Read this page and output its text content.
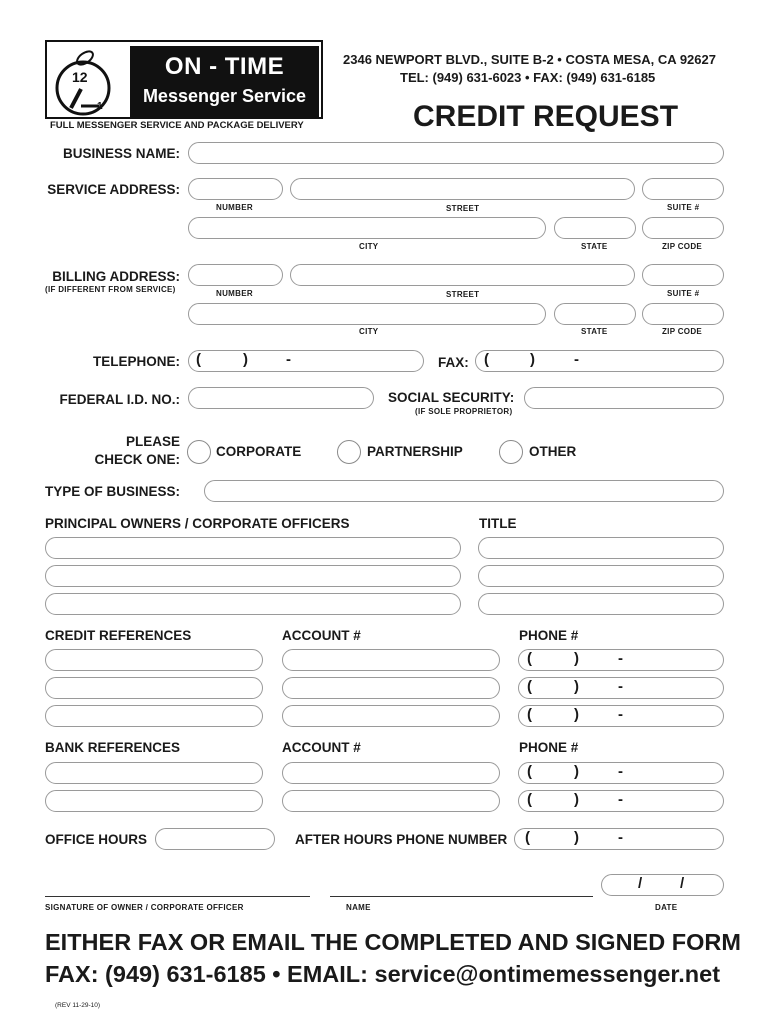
12
1
ON - TIME
Messenger Service
FULL MESSENGER SERVICE AND PACKAGE DELIVERY
2346 NEWPORT BLVD., SUITE B-2 • COSTA MESA, CA 92627
TEL: (949) 631-6023 • FAX: (949) 631-6185
CREDIT REQUEST
BUSINESS NAME:
SERVICE ADDRESS:
NUMBER	STREET	SUITE #
CITY	STATE	ZIP CODE
BILLING ADDRESS:
(IF DIFFERENT FROM SERVICE)	NUMBER	STREET	SUITE #
CITY	STATE	ZIP CODE
TELEPHONE: (	)	-	FAX: (	)	-
FEDERAL I.D. NO.:	SOCIAL SECURITY:
(IF SOLE PROPRIETOR)
PLEASE
CHECK ONE:
CORPORATE	PARTNERSHIP	OTHER
TYPE OF BUSINESS:
PRINCIPAL OWNERS / CORPORATE OFFICERS	TITLE
CREDIT REFERENCES	ACCOUNT #	PHONE #
(	)	-
(	)	-
(	)	-
BANK REFERENCES	ACCOUNT #	PHONE #
(	)	-
(	)	-
OFFICE HOURS	AFTER HOURS PHONE NUMBER (	)	-
/	/
SIGNATURE OF OWNER / CORPORATE OFFICER	NAME	DATE
EITHER FAX OR EMAIL THE COMPLETED AND SIGNED FORM
FAX: (949) 631-6185 • EMAIL: service@ontimemessenger.net
(REV 11-29-10)
